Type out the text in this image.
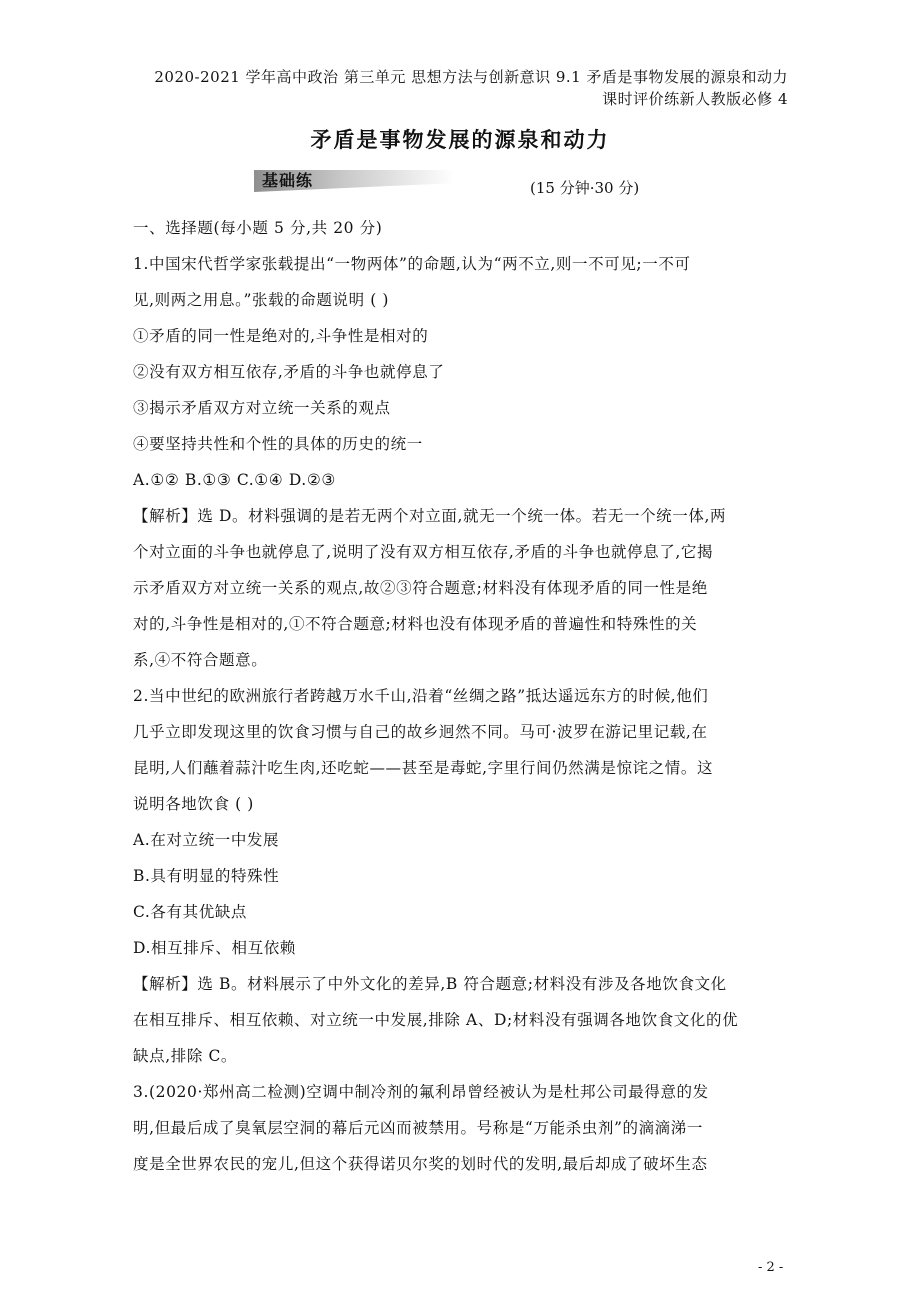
2020-2021 学年高中政治 第三单元 思想方法与创新意识 9.1 矛盾是事物发展的源泉和动力
课时评价练新人教版必修 4
矛盾是事物发展的源泉和动力
基础练	(15 分钟·30 分)
一、选择题(每小题 5 分,共 20 分)
1.中国宋代哲学家张载提出“一物两体”的命题,认为“两不立,则一不可见;一不可
见,则两之用息。”张载的命题说明 ( )
①矛盾的同一性是绝对的,斗争性是相对的
②没有双方相互依存,矛盾的斗争也就停息了
③揭示矛盾双方对立统一关系的观点
④要坚持共性和个性的具体的历史的统一
A.①② B.①③ C.①④ D.②③
【解析】选 D。材料强调的是若无两个对立面,就无一个统一体。若无一个统一体,两
个对立面的斗争也就停息了,说明了没有双方相互依存,矛盾的斗争也就停息了,它揭
示矛盾双方对立统一关系的观点,故②③符合题意;材料没有体现矛盾的同一性是绝
对的,斗争性是相对的,①不符合题意;材料也没有体现矛盾的普遍性和特殊性的关
系,④不符合题意。
2.当中世纪的欧洲旅行者跨越万水千山,沿着“丝绸之路”抵达遥远东方的时候,他们
几乎立即发现这里的饮食习惯与自己的故乡迥然不同。马可·波罗在游记里记载,在
昆明,人们蘸着蒜汁吃生肉,还吃蛇——甚至是毒蛇,字里行间仍然满是惊诧之情。这
说明各地饮食 ( )
A.在对立统一中发展
B.具有明显的特殊性
C.各有其优缺点
D.相互排斥、相互依赖
【解析】选 B。材料展示了中外文化的差异,B 符合题意;材料没有涉及各地饮食文化
在相互排斥、相互依赖、对立统一中发展,排除 A、D;材料没有强调各地饮食文化的优
缺点,排除 C。
3.(2020·郑州高二检测)空调中制冷剂的氟利昂曾经被认为是杜邦公司最得意的发
明,但最后成了臭氧层空洞的幕后元凶而被禁用。号称是“万能杀虫剂”的滴滴涕一
度是全世界农民的宠儿,但这个获得诺贝尔奖的划时代的发明,最后却成了破坏生态
- 2 -
